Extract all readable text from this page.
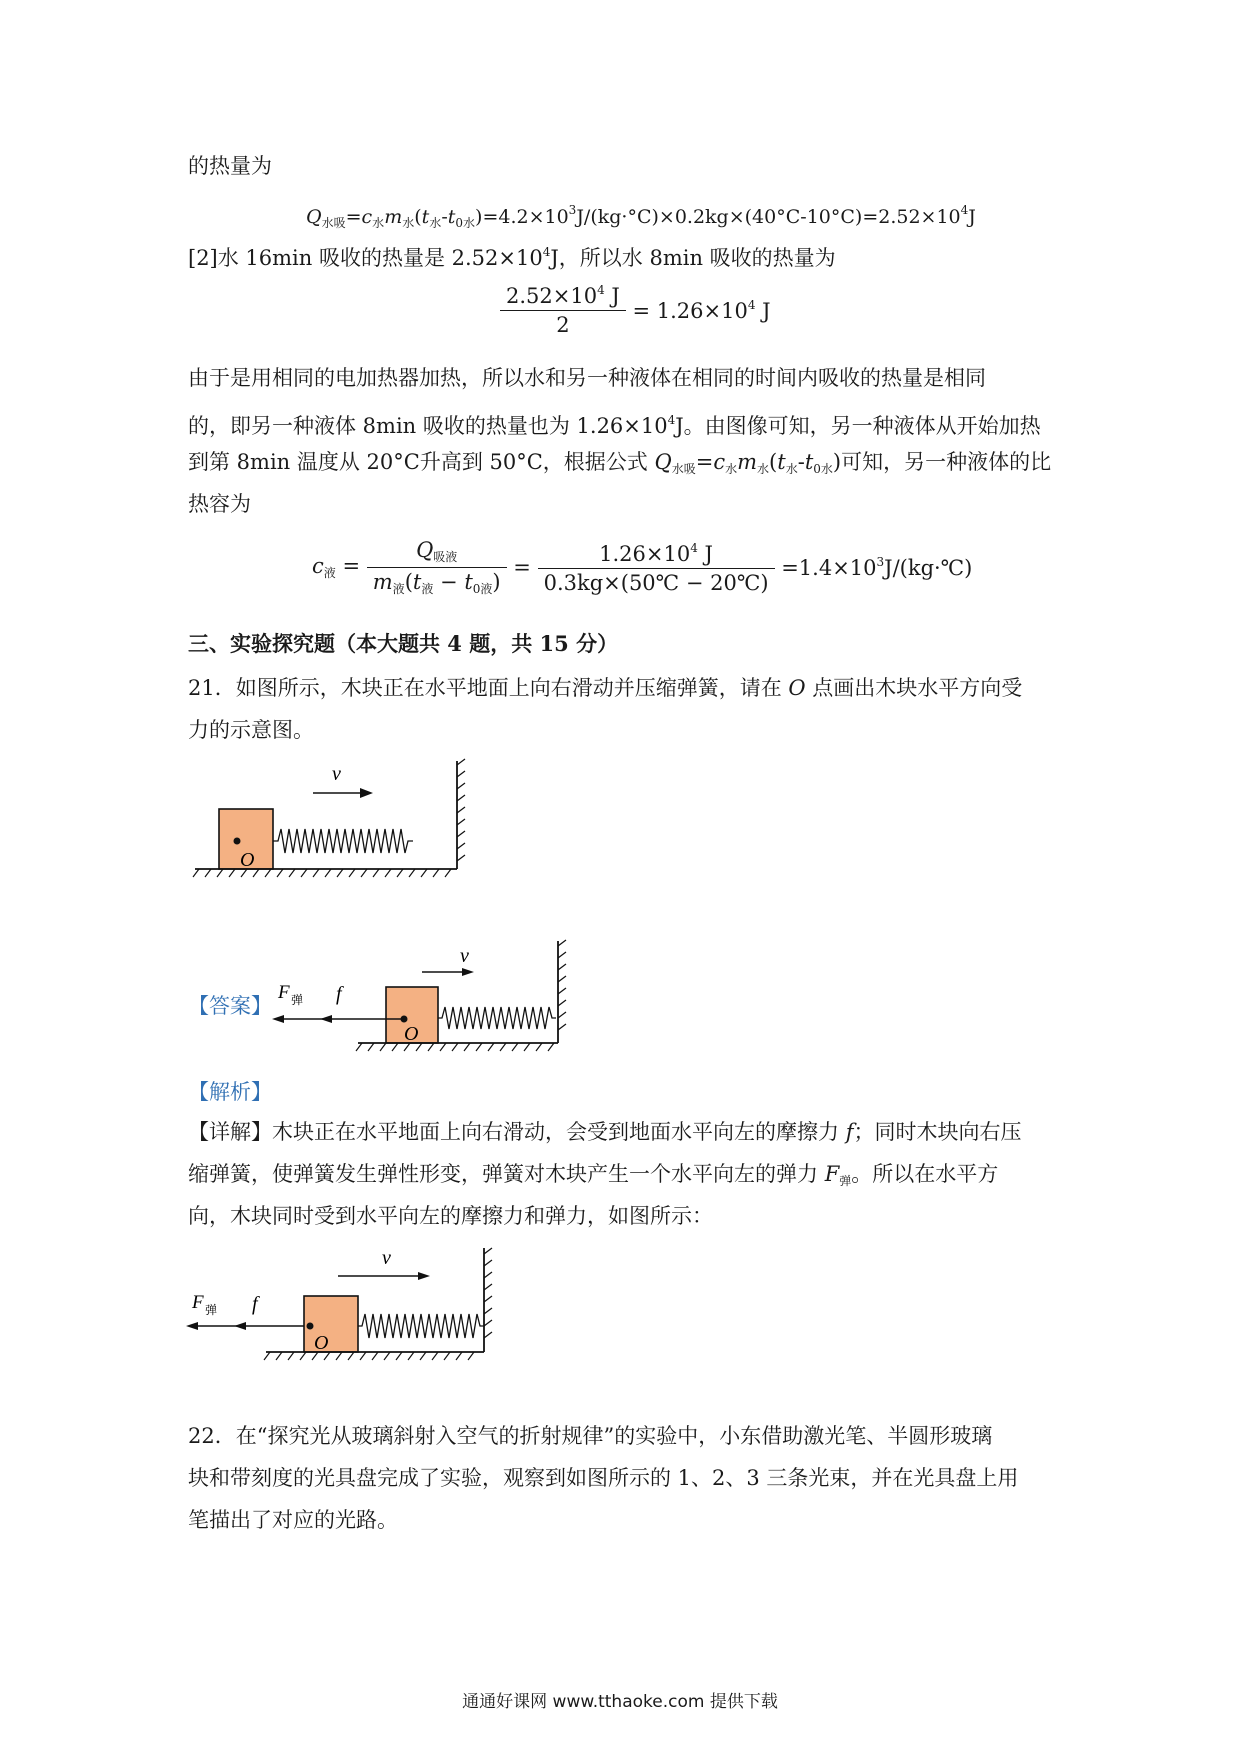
的热量为
$Q_{水吸}=c_水m_水(t_水-t_{0水})=4.2\times 10^3J/(kg\cdot^\circ C)\times 0.2kg\times(40^\circ C-10^\circ C)=2.52\times 10^4J$
[2]水 16min 吸收的热量是 $2.52\times 10^4J$，所以水 8min 吸收的热量为
$\frac{2.52\times 10^4 J}{2} = 1.26\times 10^4$ J
由于是用相同的电加热器加热，所以水和另一种液体在相同的时间内吸收的热量是相同
的，即另一种液体 8min 吸收的热量也为 $1.26\times 10^4J$。由图像可知，另一种液体从开始加热
到第 8min 温度从 20°C升高到 50°C，根据公式 $Q_{水吸}=c_水m_水(t_水-t_{0水})$可知，另一种液体的比
热容为
$c_液 = \frac{Q_{吸液}}{m_液(t_液 - t_{0液})} = \frac{1.26\times 10^4 J}{0.3kg\times(50℃ - 20℃)}$ $=1.4\times 10^3J/(kg\cdot℃)$
三、实验探究题（本大题共 4 题，共 15 分）
21．如图所示，木块正在水平地面上向右滑动并压缩弹簧，请在 O 点画出木块水平方向受
力的示意图。
v
O
【答案】
v
F 弹 f
O
【解析】
【详解】木块正在水平地面上向右滑动，会受到地面水平向左的摩擦力 f；同时木块向右压
缩弹簧，使弹簧发生弹性形变，弹簧对木块产生一个水平向左的弹力 $F_弹$。所以在水平方
向，木块同时受到水平向左的摩擦力和弹力，如图所示：
v
F 弹 f
O
22．在“探究光从玻璃斜射入空气的折射规律”的实验中，小东借助激光笔、半圆形玻璃
块和带刻度的光具盘完成了实验，观察到如图所示的 1、2、3 三条光束，并在光具盘上用
笔描出了对应的光路。
通通好课网 www.tthaoke.com 提供下载
